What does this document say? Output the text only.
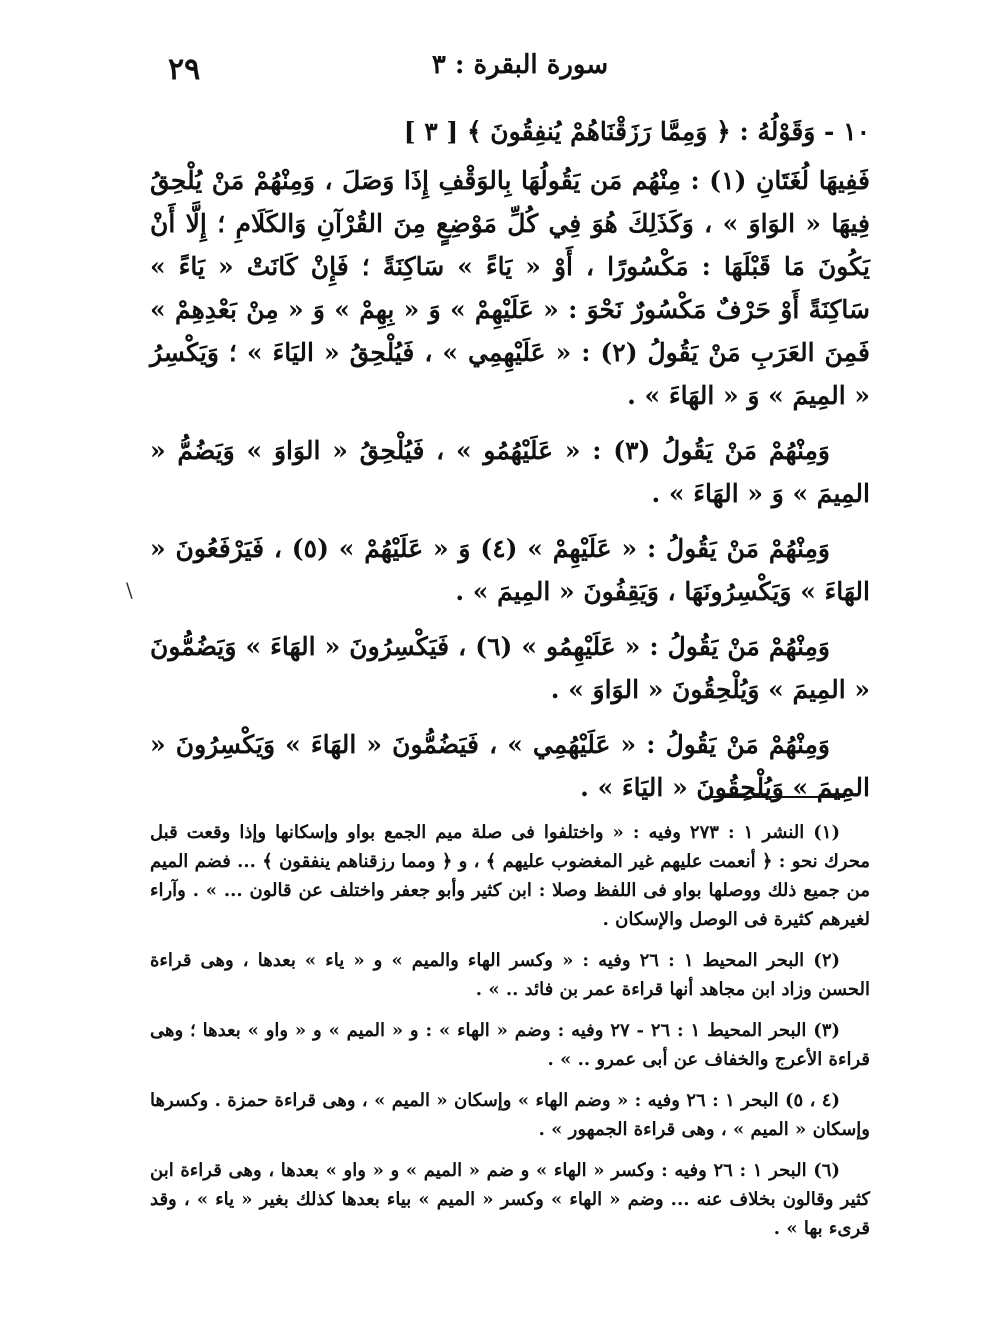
سورة البقرة : ٣
٢٩

١٠ - وَقَوْلُهُ : ﴿ وَمِمَّا رَزَقْنَاهُمْ يُنفِقُونَ ﴾ [ ٣ ]

فَفِيهَا لُغَتَانِ (١) : مِنْهُم مَن يَقُولُهَا بِالوَقْفِ إِذَا وَصَلَ ، وَمِنْهُمْ مَنْ يُلْحِقُ فِيهَا « الوَاوَ » ، وَكَذَلِكَ هُوَ فِي كُلِّ مَوْضِعٍ مِنَ القُرْآنِ وَالكَلَامِ ؛ إِلَّا أَنْ يَكُونَ مَا قَبْلَهَا : مَكْسُورًا ، أَوْ « يَاءً » سَاكِنَةً ؛ فَإِنْ كَانَتْ « يَاءً » سَاكِنَةً أَوْ حَرْفٌ مَكْسُورٌ نَحْوَ : « عَلَيْهِمْ » وَ « بِهِمْ » وَ « مِنْ بَعْدِهِمْ » فَمِنَ العَرَبِ مَنْ يَقُولُ (٢) : « عَلَيْهِمِي » ، فَيُلْحِقُ « اليَاءَ » ؛ وَيَكْسِرُ « المِيمَ » وَ « الهَاءَ » .

وَمِنْهُمْ مَنْ يَقُولُ (٣) : « عَلَيْهُمُو » ، فَيُلْحِقُ « الوَاوَ » وَيَضُمُّ « المِيمَ » وَ « الهَاءَ » .

وَمِنْهُمْ مَنْ يَقُولُ : « عَلَيْهِمْ » (٤) وَ « عَلَيْهُمْ » (٥) ، فَيَرْفَعُونَ « الهَاءَ » وَيَكْسِرُونَهَا ، وَيَقِفُونَ « المِيمَ » .

وَمِنْهُمْ مَنْ يَقُولُ : « عَلَيْهِمُو » (٦) ، فَيَكْسِرُونَ « الهَاءَ » وَيَضُمُّونَ « المِيمَ » وَيُلْحِقُونَ « الوَاوَ » .

وَمِنْهُمْ مَنْ يَقُولُ : « عَلَيْهُمِي » ، فَيَضُمُّونَ « الهَاءَ » وَيَكْسِرُونَ « المِيمَ » وَيُلْحِقُونَ « اليَاءَ » .

\

(١) النشر ١ : ٢٧٣ وفيه : « واختلفوا فى صلة ميم الجمع بواو وإسكانها وإذا وقعت قبل محرك نحو : ﴿ أنعمت عليهم غير المغضوب عليهم ﴾ ، و ﴿ ومما رزقناهم ينفقون ﴾ ... فضم الميم من جميع ذلك ووصلها بواو فى اللفظ وصلا : ابن كثير وأبو جعفر واختلف عن قالون ... » . وآراء لغيرهم كثيرة فى الوصل والإسكان .

(٢) البحر المحيط ١ : ٢٦ وفيه : « وكسر الهاء والميم » و « ياء » بعدها ، وهى قراءة الحسن وزاد ابن مجاهد أنها قراءة عمر بن فائد .. » .

(٣) البحر المحيط ١ : ٢٦ - ٢٧ وفيه : وضم « الهاء » : و « الميم » و « واو » بعدها ؛ وهى قراءة الأعرج والخفاف عن أبى عمرو .. » .

(٤ ، ٥) البحر ١ : ٢٦ وفيه : « وضم الهاء » وإسكان « الميم » ، وهى قراءة حمزة . وكسرها وإسكان « الميم » ، وهى قراءة الجمهور » .

(٦) البحر ١ : ٢٦ وفيه : وكسر « الهاء » و ضم « الميم » و « واو » بعدها ، وهى قراءة ابن كثير وقالون بخلاف عنه ... وضم « الهاء » وكسر « الميم » بياء بعدها كذلك بغير « ياء » ، وقد قرىء بها » .
